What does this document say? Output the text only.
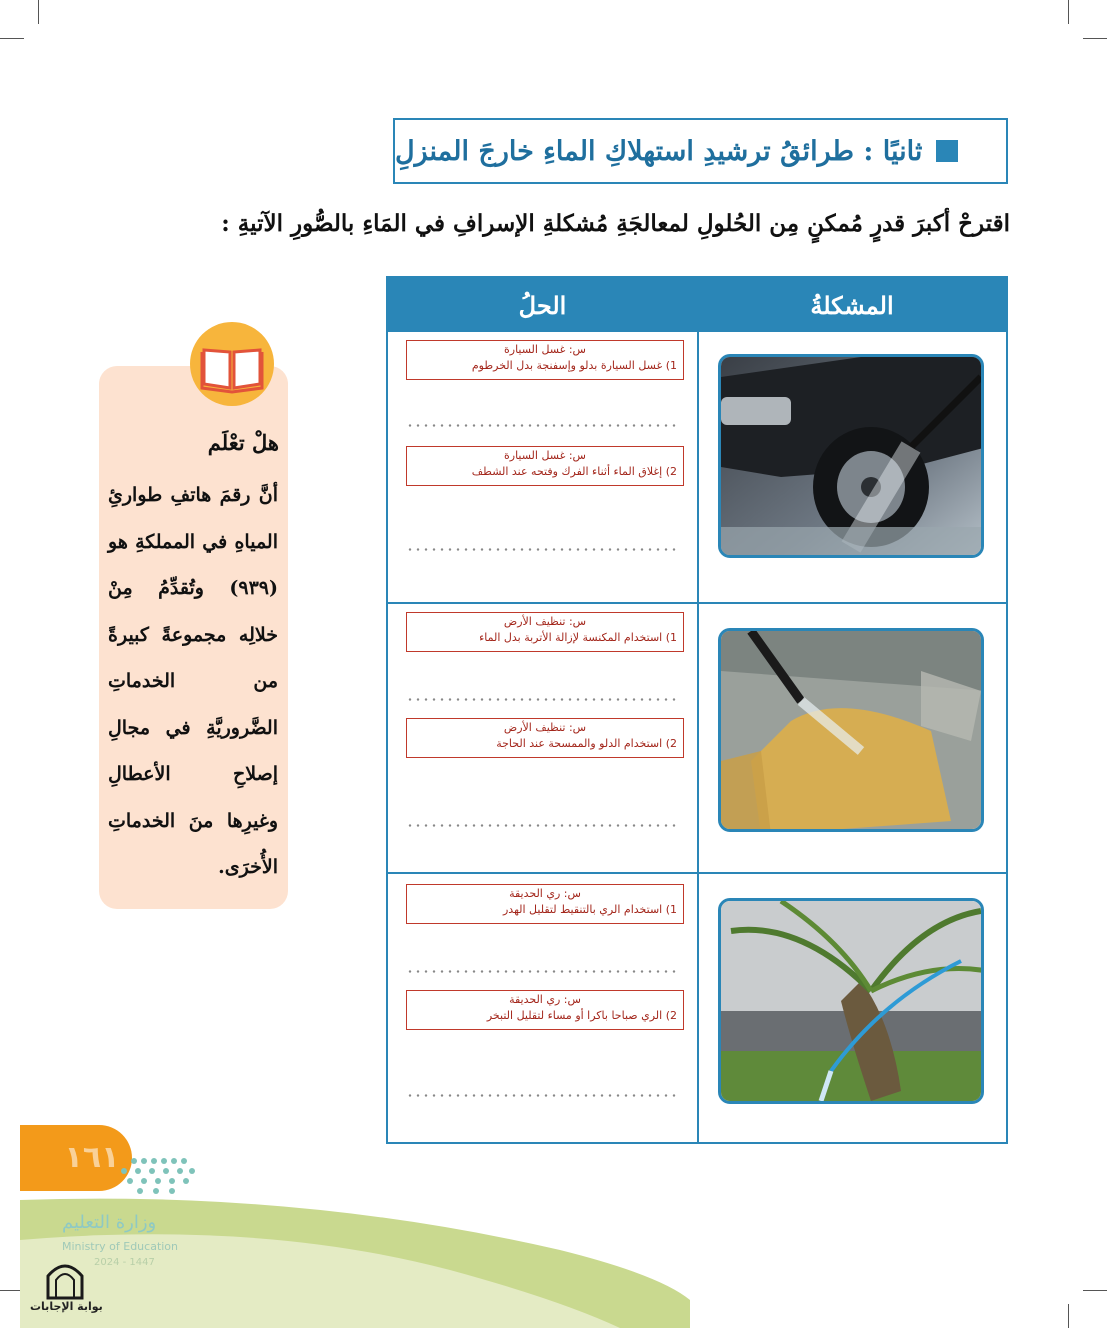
ثانيًا : طرائقُ ترشيدِ استهلاكِ الماءِ خارجَ المنزلِ
اقترحْ أكبرَ قدرٍ مُمكنٍ مِن الحُلولِ لمعالجَةِ مُشكلةِ الإسرافِ في المَاءِ بالصُّورِ الآتيةِ :
المشكلةُ
الحلُ
س: غسل السيارة
1) غسل السيارة بدلو وإسفنجة بدل الخرطوم
س: غسل السيارة
2) إغلاق الماء أثناء الفرك وفتحه عند الشطف
س: تنظيف الأرض
1) استخدام المكنسة لإزالة الأتربة بدل الماء
س: تنظيف الأرض
2) استخدام الدلو والممسحة عند الحاجة
س: ري الحديقة
1) استخدام الري بالتنقيط لتقليل الهدر
س: ري الحديقة
2) الري صباحا باكرا أو مساء لتقليل التبخر
هلْ تعْلَم
أنَّ رقمَ هاتفِ طوارئِ المياهِ في المملكةِ هو (٩٣٩) وتُقدِّمُ مِنْ خلالِه مجموعةً كبيرةً من الخدماتِ الضَّروريَّةِ في مجالِ إصلاحِ الأعطالِ وغيرِها منَ الخدماتِ الأُخرَى.
١٦١
وزارة التعليم
Ministry of Education
2024 - 1447
بوابة الإجابات
